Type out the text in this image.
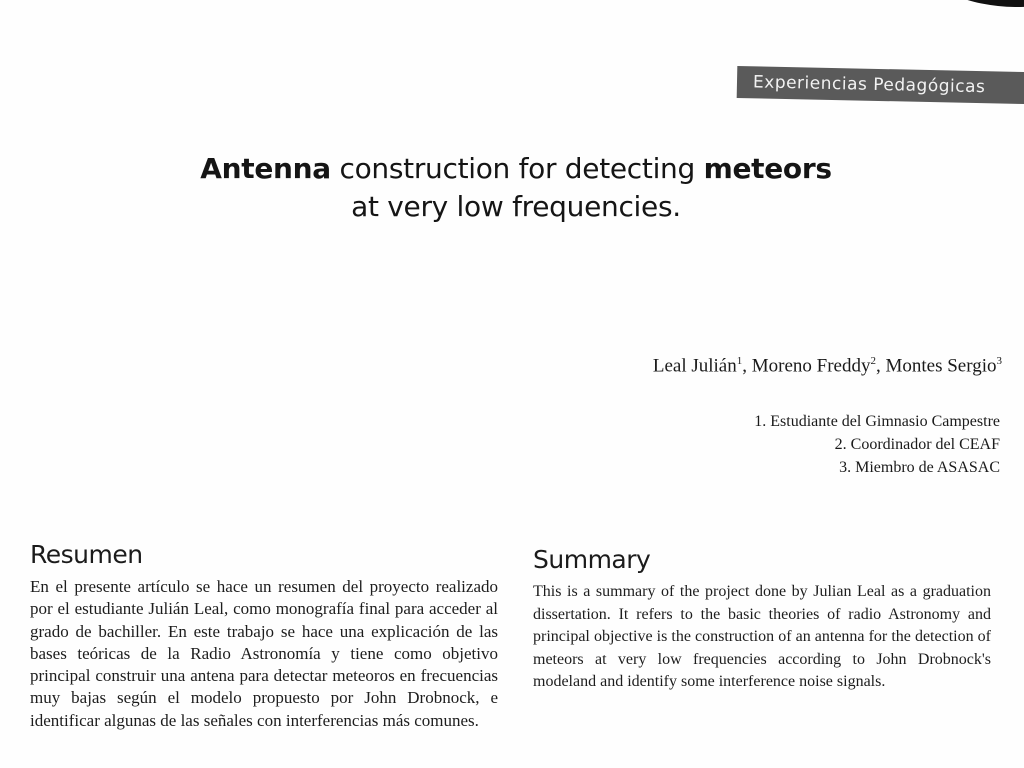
Experiencias Pedagógicas
Antenna construction for detecting meteors
at very low frequencies.
Leal Julián$^1$, Moreno Freddy$^2$, Montes Sergio$^3$
1. Estudiante del Gimnasio Campestre
2. Coordinador del CEAF
3. Miembro de ASASAC
Resumen
En el presente artículo se hace un resumen del proyecto realizado por el estudiante Julián Leal, como monografía final para acceder al grado de bachiller. En este trabajo se hace una explicación de las bases teóricas de la Radio Astronomía y tiene como objetivo principal construir una antena para detectar meteoros en frecuencias muy bajas según el modelo propuesto por John Drobnock, e identificar algunas de las señales con interferencias más comunes.
Summary
This is a summary of the project done by Julian Leal as a graduation dissertation. It refers to the basic theories of radio Astronomy and principal objective is the construction of an antenna for the detection of meteors at very low frequencies according to John Drobnock's modeland and identify some interference noise signals.
